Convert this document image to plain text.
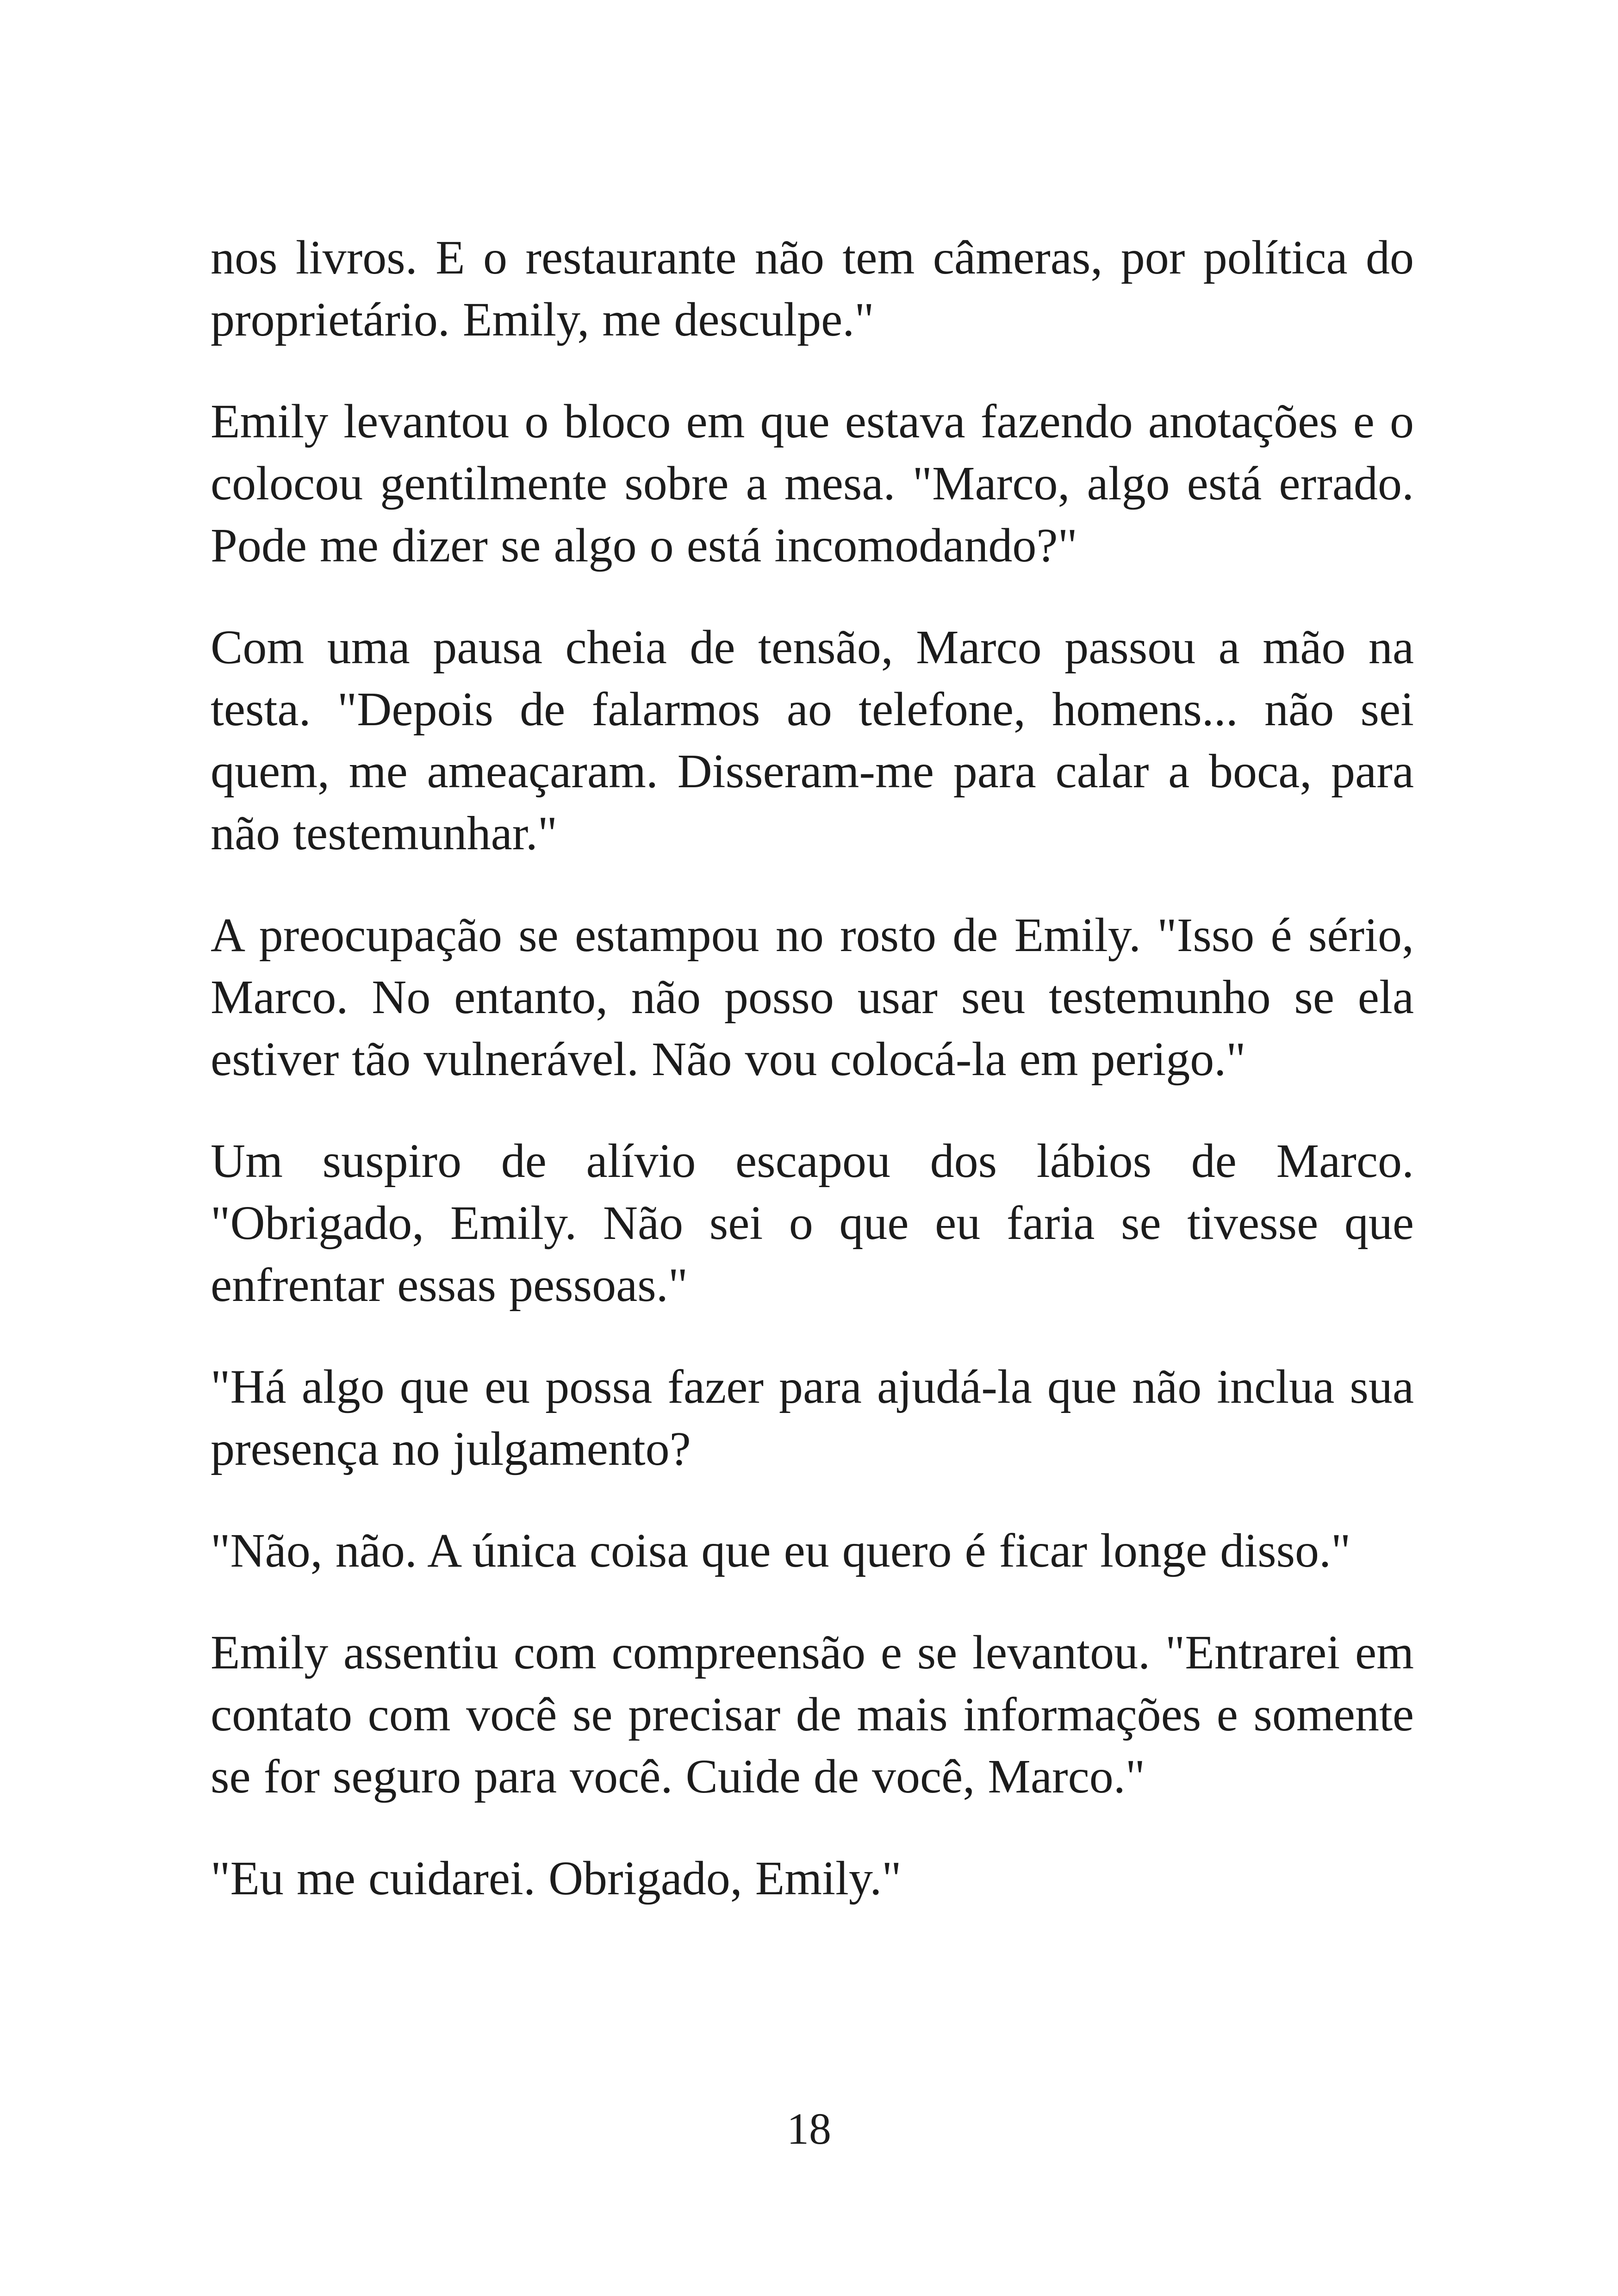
nos livros. E o restaurante não tem câmeras, por política do proprietário. Emily, me desculpe."

Emily levantou o bloco em que estava fazendo anotações e o colocou gentilmente sobre a mesa. "Marco, algo está errado. Pode me dizer se algo o está incomodando?"

Com uma pausa cheia de tensão, Marco passou a mão na testa. "Depois de falarmos ao telefone, homens... não sei quem, me ameaçaram. Disseram-me para calar a boca, para não testemunhar."

A preocupação se estampou no rosto de Emily. "Isso é sério, Marco. No entanto, não posso usar seu testemunho se ela estiver tão vulnerável. Não vou colocá-la em perigo."

Um suspiro de alívio escapou dos lábios de Marco. "Obrigado, Emily. Não sei o que eu faria se tivesse que enfrentar essas pessoas."

"Há algo que eu possa fazer para ajudá-la que não inclua sua presença no julgamento?

"Não, não. A única coisa que eu quero é ficar longe disso."

Emily assentiu com compreensão e se levantou. "Entrarei em contato com você se precisar de mais informações e somente se for seguro para você. Cuide de você, Marco."

"Eu me cuidarei. Obrigado, Emily."

18
